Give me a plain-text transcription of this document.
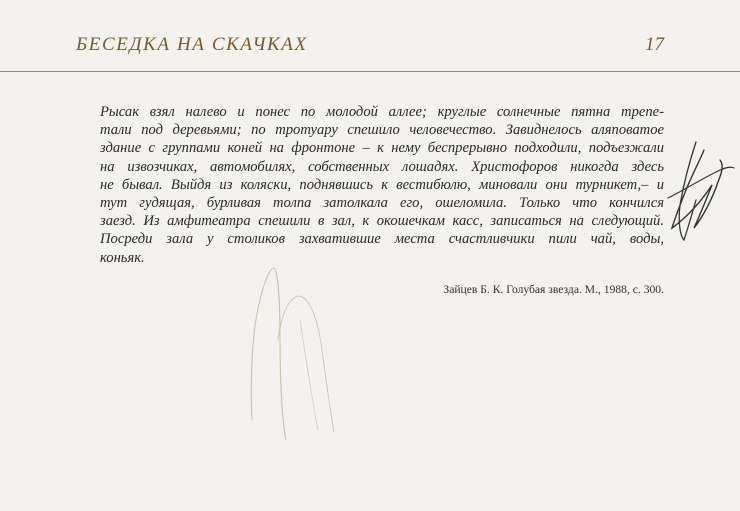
БЕСЕДКА НА СКАЧКАХ	17

Рысак взял налево и понес по молодой аллее; круглые солнечные пятна трепе-
тали под деревьями; по тротуару спешило человечество. Завиднелось аляповатое
здание с группами коней на фронтоне – к нему беспрерывно подходили, подъезжали
на извозчиках, автомобилях, собственных лошадях. Христофоров никогда здесь
не бывал. Выйдя из коляски, поднявшись к вестибюлю, миновали они турникет,– и
тут гудящая, бурливая толпа затолкала его, ошеломила. Только что кончился
заезд. Из амфитеатра спешили в зал, к окошечкам касс, записаться на следующий.
Посреди зала у столиков захватившие места счастливчики пили чай, воды,
коньяк.

Зайцев Б. К. Голубая звезда. М., 1988, с. 300.
